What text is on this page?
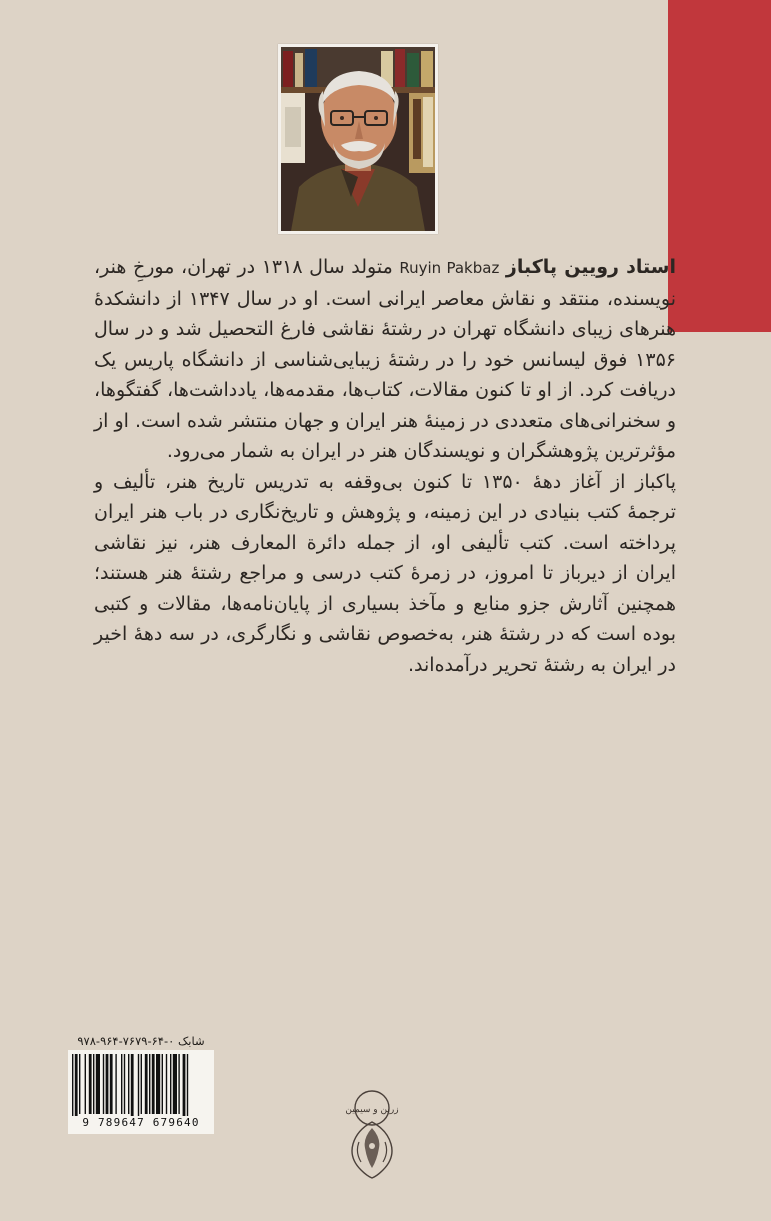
استاد رویین پاکباز Ruyin Pakbaz متولد سال ۱۳۱۸ در تهران، مورخِ هنر، نویسنده، منتقد و نقاش معاصر ایرانی است. او در سال ۱۳۴۷ از دانشکدهٔ هنرهای زیبای دانشگاه تهران در رشتهٔ نقاشی فارغ التحصیل شد و در سال ۱۳۵۶ فوق لیسانس خود را در رشتهٔ زیبایی‌شناسی از دانشگاه پاریس یک دریافت کرد. از او تا کنون مقالات، کتاب‌ها، مقدمه‌ها، یادداشت‌ها، گفتگوها، و سخنرانی‌های متعددی در زمینهٔ هنر ایران و جهان منتشر شده است. او از مؤثرترین پژوهشگران و نویسندگان هنر در ایران به شمار می‌رود.

پاکباز از آغاز دههٔ ۱۳۵۰ تا کنون بی‌وقفه به تدریس تاریخ هنر، تألیف و ترجمهٔ کتب بنیادی در این زمینه، و پژوهش و تاریخ‌نگاری در باب هنر ایران پرداخته است. کتب تألیفی او، از جمله دائرة المعارف هنر، نیز نقاشی ایران از دیرباز تا امروز، در زمرهٔ کتب درسی و مراجع رشتهٔ هنر هستند؛ همچنین آثارش جزو منابع و مآخذ بسیاری از پایان‌نامه‌ها، مقالات و کتبی بوده است که در رشتهٔ هنر، به‌خصوص نقاشی و نگارگری، در سه دههٔ اخیر در ایران به رشتهٔ تحریر درآمده‌اند.

شابک ۰-۶۴-۷۶۷۹-۹۶۴-۹۷۸
9 789647 679640
زرین و سیمین
